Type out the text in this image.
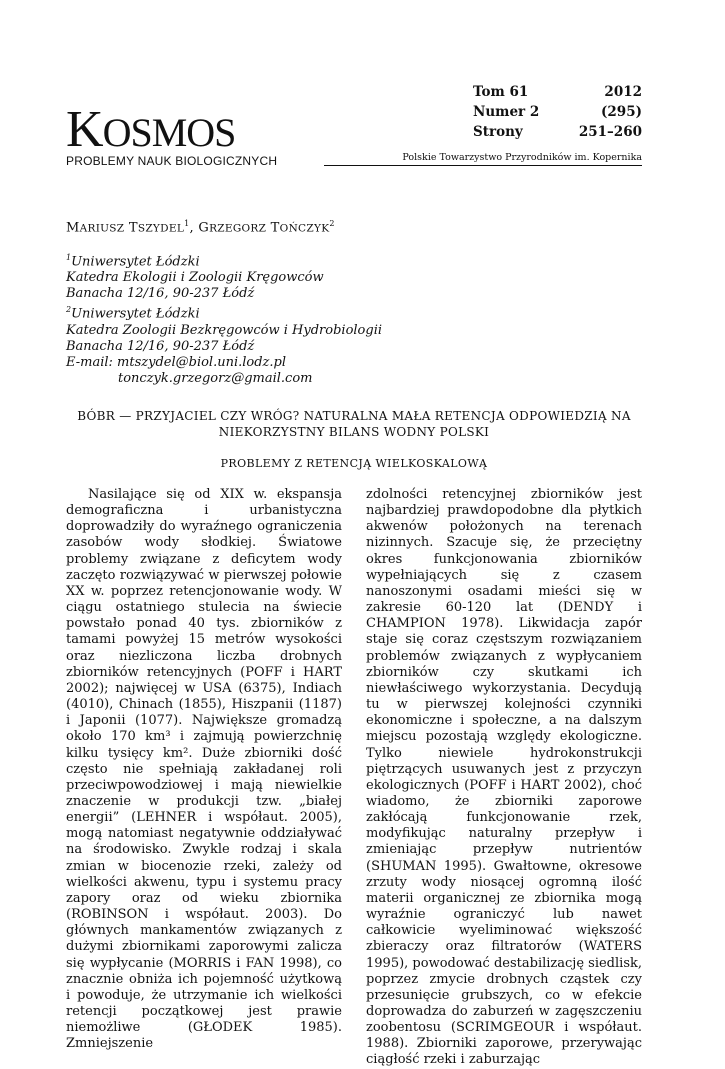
KOSMOS
PROBLEMY NAUK BIOLOGICZNYCH	Polskie Towarzystwo Przyrodników im. Kopernika
Tom 61	2012
Numer 2	(295)
Strony	251–260
MARIUSZ TSZYDEL$^1$, GRZEGORZ TOŃCZYK$^2$
$^1$Uniwersytet Łódzki
Katedra Ekologii i Zoologii Kręgowców
Banacha 12/16, 90-237 Łódź
$^2$Uniwersytet Łódzki
Katedra Zoologii Bezkręgowców i Hydrobiologii
Banacha 12/16, 90-237 Łódź
E-mail: mtszydel@biol.uni.lodz.pl
tonczyk.grzegorz@gmail.com
BÓBR — PRZYJACIEL CZY WRÓG? NATURALNA MAŁA RETENCJA ODPOWIEDZIĄ NA
NIEKORZYSTNY BILANS WODNY POLSKI
PROBLEMY Z RETENCJĄ WIELKOSKALOWĄ
Nasilające się od XIX w. ekspansja demograficzna i urbanistyczna doprowadziły do wyraźnego ograniczenia zasobów wody słodkiej. Światowe problemy związane z deficytem wody zaczęto rozwiązywać w pierwszej połowie XX w. poprzez retencjonowanie wody. W ciągu ostatniego stulecia na świecie powstało ponad 40 tys. zbiorników z tamami powyżej 15 metrów wysokości oraz niezliczona liczba drobnych zbiorników retencyjnych (POFF i HART 2002); najwięcej w USA (6375), Indiach (4010), Chinach (1855), Hiszpanii (1187) i Japonii (1077). Największe gromadzą około 170 km³ i zajmują powierzchnię kilku tysięcy km². Duże zbiorniki dość często nie spełniają zakładanej roli przeciwpowodziowej i mają niewielkie znaczenie w produkcji tzw. „białej energii” (LEHNER i współaut. 2005), mogą natomiast negatywnie oddziaływać na środowisko. Zwykle rodzaj i skala zmian w biocenozie rzeki, zależy od wielkości akwenu, typu i systemu pracy zapory oraz od wieku zbiornika (ROBINSON i współaut. 2003). Do głównych mankamentów związanych z dużymi zbiornikami zaporowymi zalicza się wypłycanie (MORRIS i FAN 1998), co znacznie obniża ich pojemność użytkową i powoduje, że utrzymanie ich wielkości retencji początkowej jest prawie niemożliwe (GŁODEK 1985). Zmniejszenie
zdolności retencyjnej zbiorników jest najbardziej prawdopodobne dla płytkich akwenów położonych na terenach nizinnych. Szacuje się, że przeciętny okres funkcjonowania zbiorników wypełniających się z czasem nanoszonymi osadami mieści się w zakresie 60-120 lat (DENDY i CHAMPION 1978). Likwidacja zapór staje się coraz częstszym rozwiązaniem problemów związanych z wypłycaniem zbiorników czy skutkami ich niewłaściwego wykorzystania. Decydują tu w pierwszej kolejności czynniki ekonomiczne i społeczne, a na dalszym miejscu pozostają względy ekologiczne. Tylko niewiele hydrokonstrukcji piętrzących usuwanych jest z przyczyn ekologicznych (POFF i HART 2002), choć wiadomo, że zbiorniki zaporowe zakłócają funkcjonowanie rzek, modyfikując naturalny przepływ i zmieniając przepływ nutrientów (SHUMAN 1995). Gwałtowne, okresowe zrzuty wody niosącej ogromną ilość materii organicznej ze zbiornika mogą wyraźnie ograniczyć lub nawet całkowicie wyeliminować większość zbieraczy oraz filtratorów (WATERS 1995), powodować destabilizację siedlisk, poprzez zmycie drobnych cząstek czy przesunięcie grubszych, co w efekcie doprowadza do zaburzeń w zagęszczeniu zoobentosu (SCRIMGEOUR i współaut. 1988). Zbiorniki zaporowe, przerywając ciągłość rzeki i zaburzając
